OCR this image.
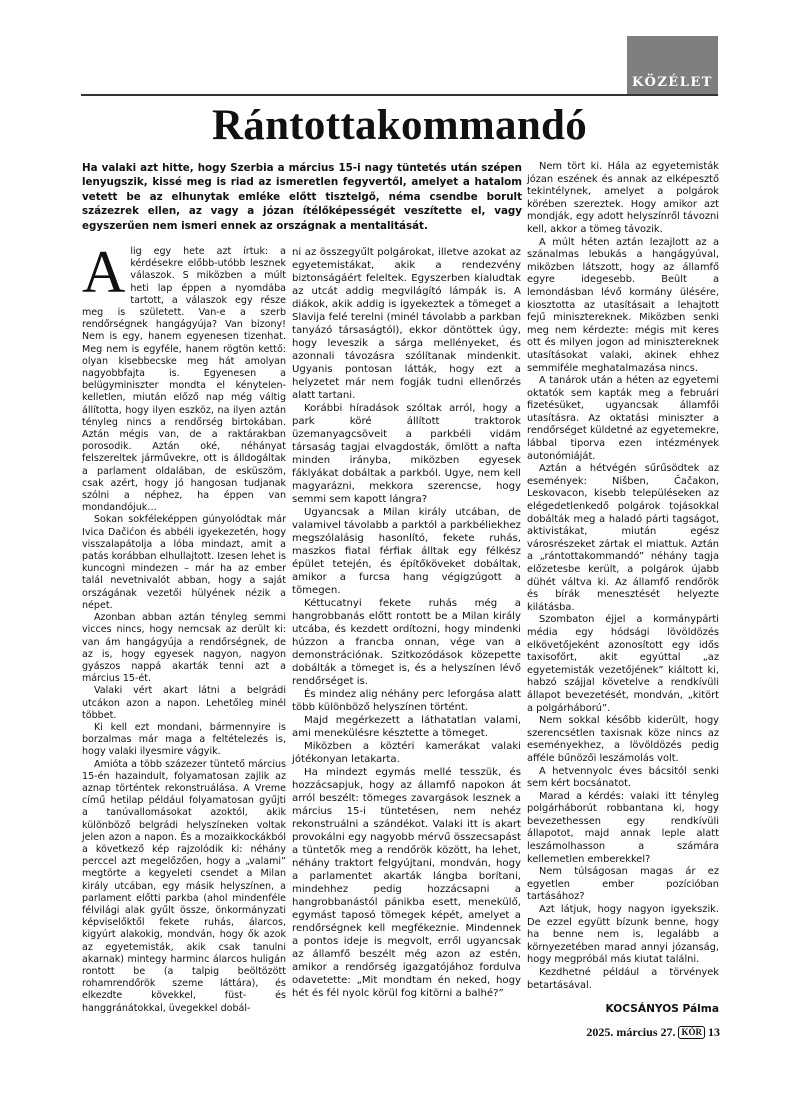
KÖZÉLET
Rántottakommandó

Ha valaki azt hitte, hogy Szerbia a március 15-i nagy tüntetés után szépen lenyugszik, kissé meg is riad az ismeretlen fegyvertől, amelyet a hatalom vetett be az elhunytak emléke előtt tisztelgő, néma csendbe borult százezrek ellen, az vagy a józan ítélőképességét veszítette el, vagy egyszerűen nem ismeri ennek az országnak a mentalitását.

Alig egy hete azt írtuk: a kérdésekre előbb-utóbb lesznek válaszok. S miközben a múlt heti lap éppen a nyomdába tartott, a válaszok egy része meg is született. Van-e a szerb rendőrségnek hangágyúja? Van bizony! Nem is egy, hanem egyenesen tizenhat. Meg nem is egyféle, hanem rögtön kettő: olyan kisebbecske meg hát amolyan nagyobbfajta is. Egyenesen a belügyminiszter mondta el kénytelen-kelletlen, miután előző nap még váltig állította, hogy ilyen eszköz, na ilyen aztán tényleg nincs a rendőrség birtokában. Aztán mégis van, de a raktárakban porosodik. Aztán oké, néhányat felszereltek járművekre, ott is álldogáltak a parlament oldalában, de esküszöm, csak azért, hogy jó hangosan tudjanak szólni a néphez, ha éppen van mondandójuk…

Sokan sokféleképpen gúnyolódtak már Ivica Dačićon és abbéli igyekezetén, hogy visszalapátolja a lóba mindazt, amit a patás korábban elhullajtott. Izesen lehet is kuncogni mindezen – már ha az ember talál nevetnivalót abban, hogy a saját országának vezetői hülyének nézik a népet.

Azonban abban aztán tényleg semmi vicces nincs, hogy nemcsak az derült ki: van ám hangágyúja a rendőrségnek, de az is, hogy egyesek nagyon, nagyon gyászos nappá akarták tenni azt a március 15-ét.

Valaki vért akart látni a belgrádi utcákon azon a napon. Lehetőleg minél többet.

Ki kell ezt mondani, bármennyire is borzalmas már maga a feltételezés is, hogy valaki ilyesmire vágyik.

Amióta a több százezer tüntető március 15-én hazaindult, folyamatosan zajlik az aznap történtek rekonstruálása. A Vreme című hetilap például folyamatosan gyűjti a tanúvallomásokat azoktól, akik különböző belgrádi helyszíneken voltak jelen azon a napon. És a mozaikkockákból a következő kép rajzolódik ki: néhány perccel azt megelőzően, hogy a „valami” megtörte a kegyeleti csendet a Milan király utcában, egy másik helyszínen, a parlament előtti parkba (ahol mindenféle félvilági alak gyűlt össze, önkormányzati képviselőktől fekete ruhás, álarcos, kigyúrt alakokig, mondván, hogy ők azok az egyetemisták, akik csak tanulni akarnak) mintegy harminc álarcos huligán rontott be (a talpig beöltözött rohamrendőrök szeme láttára), és elkezdte kövekkel, füst- és hanggránátokkal, üvegekkel dobál-

ni az összegyűlt polgárokat, illetve azokat az egyetemistákat, akik a rendezvény biztonságáért feleltek. Egyszerben kialudtak az utcát addig megvilágító lámpák is. A diákok, akik addig is igyekeztek a tömeget a Slavija felé terelni (minél távolabb a parkban tanyázó társaságtól), ekkor döntöttek úgy, hogy leveszik a sárga mellényeket, és azonnali távozásra szólítanak mindenkit. Ugyanis pontosan látták, hogy ezt a helyzetet már nem fogják tudni ellenőrzés alatt tartani.

Korábbi híradások szóltak arról, hogy a park köré állított traktorok üzemanyagcsöveit a parkbéli vidám társaság tagjai elvagdosták, ömlött a nafta minden irányba, miközben egyesek fáklyákat dobáltak a parkból. Ugye, nem kell magyarázni, mekkora szerencse, hogy semmi sem kapott lángra?

Ugyancsak a Milan király utcában, de valamivel távolabb a parktól a parkbéliekhez megszólalásig hasonlító, fekete ruhás, maszkos fiatal férfiak álltak egy félkész épület tetején, és építőköveket dobáltak, amikor a furcsa hang végigzúgott a tömegen.

Kéttucatnyi fekete ruhás még a hangrobbanás előtt rontott be a Milan király utcába, és kezdett ordítozni, hogy mindenki húzzon a francba onnan, vége van a demonstrációnak. Szitkozódások közepette dobálták a tömeget is, és a helyszínen lévő rendőrséget is.

És mindez alig néhány perc leforgása alatt több különböző helyszínen történt.

Majd megérkezett a láthatatlan valami, ami menekülésre késztette a tömeget.

Miközben a köztéri kamerákat valaki jótékonyan letakarta.

Ha mindezt egymás mellé tesszük, és hozzácsapjuk, hogy az államfő napokon át arról beszélt: tömeges zavargások lesznek a március 15-i tüntetésen, nem nehéz rekonstruálni a szándékot. Valaki itt is akart provokálni egy nagyobb mérvű összecsapást a tüntetők meg a rendőrök között, ha lehet, néhány traktort felgyújtani, mondván, hogy a parlamentet akarták lángba borítani, mindehhez pedig hozzácsapni a hangrobbanástól pánikba esett, menekülő, egymást taposó tömegek képét, amelyet a rendőrségnek kell megfékeznie. Mindennek a pontos ideje is megvolt, erről ugyancsak az államfő beszélt még azon az estén, amikor a rendőrség igazgatójához fordulva odavetette: „Mit mondtam én neked, hogy hét és fél nyolc körül fog kitörni a balhé?”

Nem tört ki. Hála az egyetemisták józan eszének és annak az elképesztő tekintélynek, amelyet a polgárok körében szereztek. Hogy amikor azt mondják, egy adott helyszínről távozni kell, akkor a tömeg távozik.

A múlt héten aztán lezajlott az a szánalmas lebukás a hangágyúval, miközben látszott, hogy az államfő egyre idegesebb. Beült a lemondásban lévő kormány ülésére, kiosztotta az utasításait a lehajtott fejű minisztereknek. Miközben senki meg nem kérdezte: mégis mit keres ott és milyen jogon ad minisztereknek utasításokat valaki, akinek ehhez semmiféle meghatalmazása nincs.

A tanárok után a héten az egyetemi oktatók sem kapták meg a februári fizetésüket, ugyancsak államfői utasításra. Az oktatási miniszter a rendőrséget küldetné az egyetemekre, lábbal tiporva ezen intézmények autonómiáját.

Aztán a hétvégén sűrűsödtek az események: Nišben, Čačakon, Leskovacon, kisebb településeken az elégedetlenkedő polgárok tojásokkal dobálták meg a haladó párti tagságot, aktivistákat, miután egész városrészeket zártak el miattuk. Aztán a „rántottakommandó” néhány tagja előzetesbe került, a polgárok újabb dühét váltva ki. Az államfő rendőrök és bírák menesztését helyezte kilátásba.

Szombaton éjjel a kormánypárti média egy hódsági lövöldözés elkövetőjeként azonosított egy idős taxisofőrt, akit egyúttal „az egyetemisták vezetőjének” kiáltott ki, habzó szájjal követelve a rendkívüli állapot bevezetését, mondván, „kitört a polgárháború”.

Nem sokkal később kiderült, hogy szerencsétlen taxisnak köze nincs az eseményekhez, a lövöldözés pedig afféle bűnözői leszámolás volt.

A hetvennyolc éves bácsitól senki sem kért bocsánatot.

Marad a kérdés: valaki itt tényleg polgárháborút robbantana ki, hogy bevezethessen egy rendkívüli állapotot, majd annak leple alatt leszámolhasson a számára kellemetlen emberekkel?

Nem túlságosan magas ár ez egyetlen ember pozícióban tartásához?

Azt látjuk, hogy nagyon igyekszik. De ezzel együtt bízunk benne, hogy ha benne nem is, legalább a környezetében marad annyi józanság, hogy megpróbál más kiutat találni.

Kezdhetné például a törvények betartásával.

KOCSÁNYOS Pálma
2025. március 27. KÓR 13
